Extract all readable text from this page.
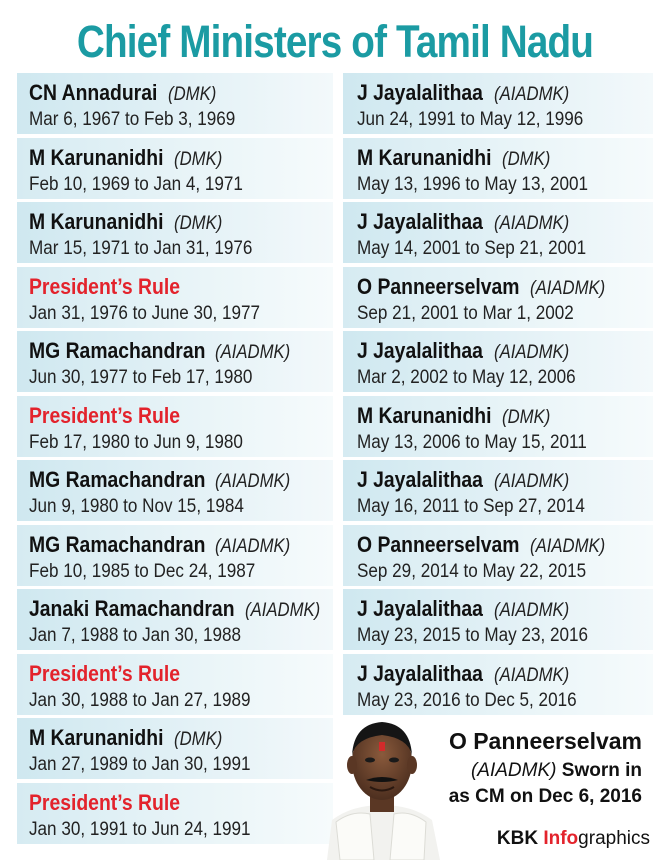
Chief Ministers of Tamil Nadu
CN Annadurai (DMK)
Mar 6, 1967 to Feb 3, 1969
M Karunanidhi (DMK)
Feb 10, 1969 to Jan 4, 1971
M Karunanidhi (DMK)
Mar 15, 1971 to Jan 31, 1976
President’s Rule
Jan 31, 1976 to June 30, 1977
MG Ramachandran (AIADMK)
Jun 30, 1977 to Feb 17, 1980
President’s Rule
Feb 17, 1980 to Jun 9, 1980
MG Ramachandran (AIADMK)
Jun 9, 1980 to Nov 15, 1984
MG Ramachandran (AIADMK)
Feb 10, 1985 to Dec 24, 1987
Janaki Ramachandran (AIADMK)
Jan 7, 1988 to Jan 30, 1988
President’s Rule
Jan 30, 1988 to Jan 27, 1989
M Karunanidhi (DMK)
Jan 27, 1989 to Jan 30, 1991
President’s Rule
Jan 30, 1991 to Jun 24, 1991
J Jayalalithaa (AIADMK)
Jun 24, 1991 to May 12, 1996
M Karunanidhi (DMK)
May 13, 1996 to May 13, 2001
J Jayalalithaa (AIADMK)
May 14, 2001 to Sep 21, 2001
O Panneerselvam (AIADMK)
Sep 21, 2001 to Mar 1, 2002
J Jayalalithaa (AIADMK)
Mar 2, 2002 to May 12, 2006
M Karunanidhi (DMK)
May 13, 2006 to May 15, 2011
J Jayalalithaa (AIADMK)
May 16, 2011 to Sep 27, 2014
O Panneerselvam (AIADMK)
Sep 29, 2014 to May 22, 2015
J Jayalalithaa (AIADMK)
May 23, 2015 to May 23, 2016
J Jayalalithaa (AIADMK)
May 23, 2016 to Dec 5, 2016
O Panneerselvam
(AIADMK) Sworn in
as CM on Dec 6, 2016
KBK Infographics
